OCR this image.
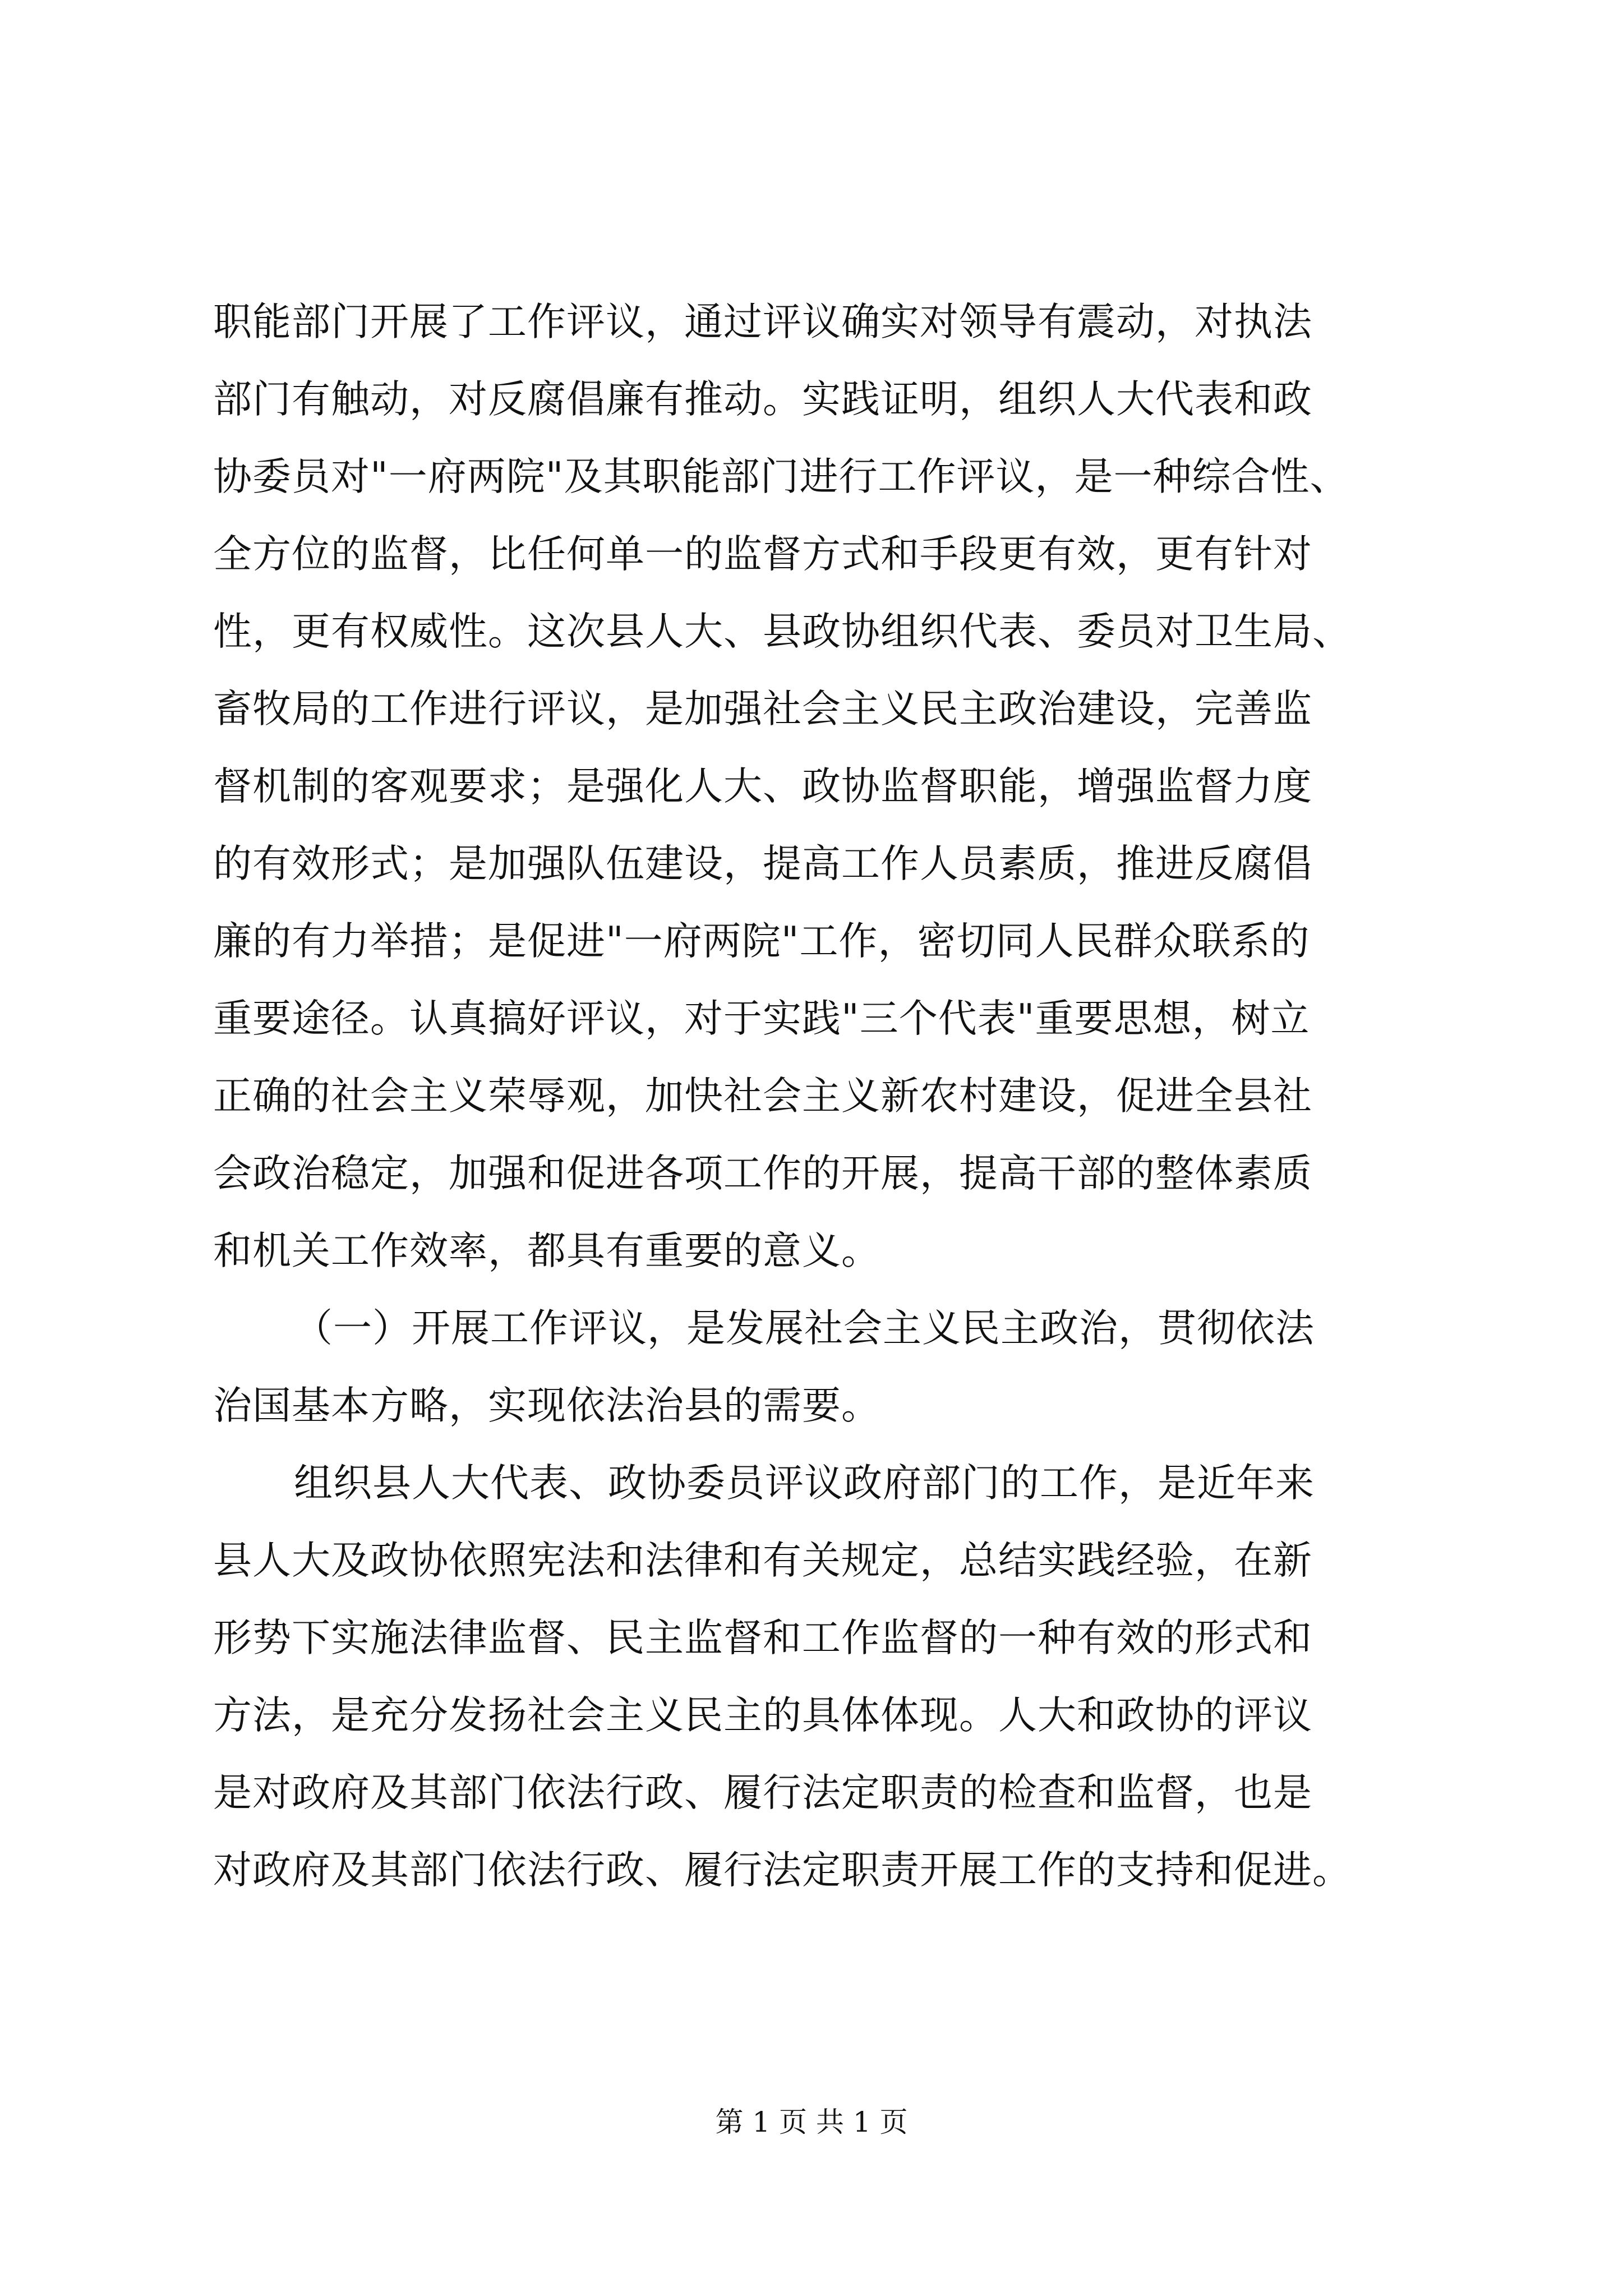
职能部门开展了工作评议，通过评议确实对领导有震动，对执法
部门有触动，对反腐倡廉有推动。实践证明，组织人大代表和政
协委员对"一府两院"及其职能部门进行工作评议，是一种综合性、
全方位的监督，比任何单一的监督方式和手段更有效，更有针对
性，更有权威性。这次县人大、县政协组织代表、委员对卫生局、
畜牧局的工作进行评议，是加强社会主义民主政治建设，完善监
督机制的客观要求；是强化人大、政协监督职能，增强监督力度
的有效形式；是加强队伍建设，提高工作人员素质，推进反腐倡
廉的有力举措；是促进"一府两院"工作，密切同人民群众联系的
重要途径。认真搞好评议，对于实践"三个代表"重要思想，树立
正确的社会主义荣辱观，加快社会主义新农村建设，促进全县社
会政治稳定，加强和促进各项工作的开展，提高干部的整体素质
和机关工作效率，都具有重要的意义。
（一）开展工作评议，是发展社会主义民主政治，贯彻依法
治国基本方略，实现依法治县的需要。
组织县人大代表、政协委员评议政府部门的工作，是近年来
县人大及政协依照宪法和法律和有关规定，总结实践经验，在新
形势下实施法律监督、民主监督和工作监督的一种有效的形式和
方法，是充分发扬社会主义民主的具体体现。人大和政协的评议
是对政府及其部门依法行政、履行法定职责的检查和监督，也是
对政府及其部门依法行政、履行法定职责开展工作的支持和促进。
第 1 页 共 1 页
